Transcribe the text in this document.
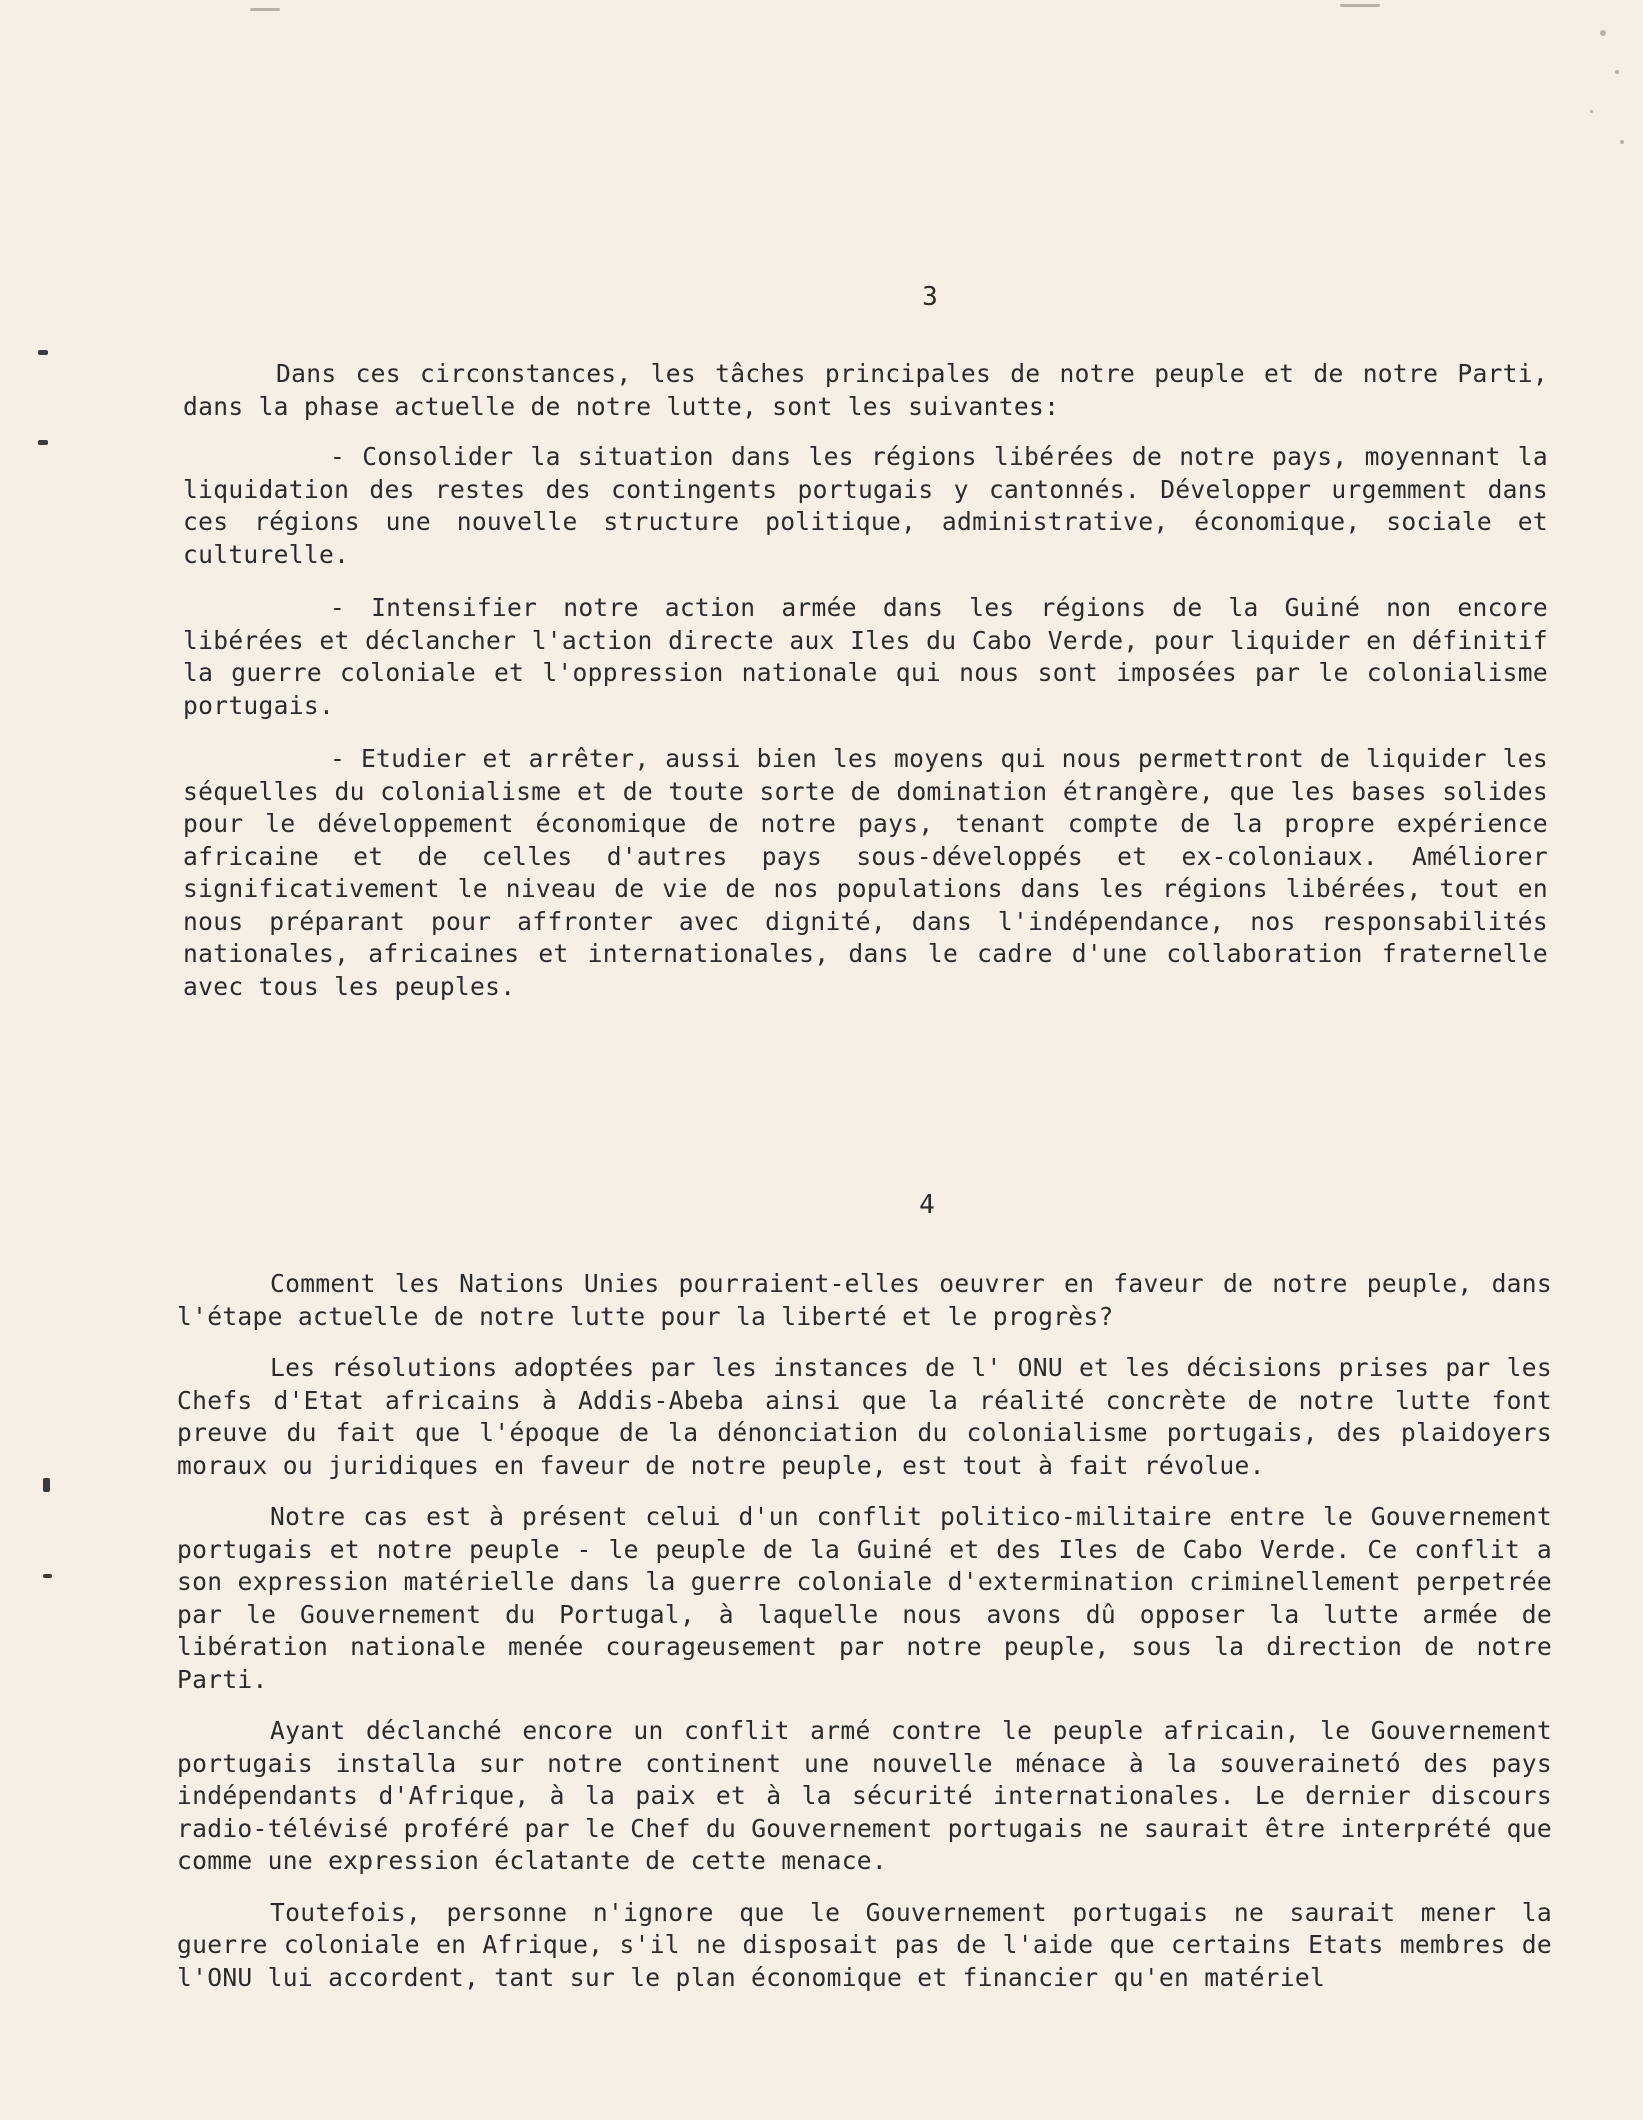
3

Dans ces circonstances, les tâches principales de notre peuple et de notre Parti, dans la phase actuelle de notre lutte, sont les suivantes:

- Consolider la situation dans les régions libérées de notre pays, moyennant la liquidation des restes des contingents portugais y cantonnés. Développer urgemment dans ces régions une nouvelle structure politique, administrative, économique, sociale et culturelle.

- Intensifier notre action armée dans les régions de la Guiné non encore libérées et déclancher l'action directe aux Iles du Cabo Verde, pour liquider en définitif la guerre coloniale et l'oppression nationale qui nous sont imposées par le colonialisme portugais.

- Etudier et arrêter, aussi bien les moyens qui nous permettront de liquider les séquelles du colonialisme et de toute sorte de domination étrangère, que les bases solides pour le développement économique de notre pays, tenant compte de la propre expérience africaine et de celles d'autres pays sous-développés et ex-coloniaux. Améliorer significativement le niveau de vie de nos populations dans les régions libérées, tout en nous préparant pour affronter avec dignité, dans l'indépendance, nos responsabilités nationales, africaines et internationales, dans le cadre d'une collaboration fraternelle avec tous les peuples.

4

Comment les Nations Unies pourraient-elles oeuvrer en faveur de notre peuple, dans l'étape actuelle de notre lutte pour la liberté et le progrès?

Les résolutions adoptées par les instances de l' ONU et les décisions prises par les Chefs d'Etat africains à Addis-Abeba ainsi que la réalité concrète de notre lutte font preuve du fait que l'époque de la dénonciation du colonialisme portugais, des plaidoyers moraux ou juridiques en faveur de notre peuple, est tout à fait révolue.

Notre cas est à présent celui d'un conflit politico-militaire entre le Gouvernement portugais et notre peuple - le peuple de la Guiné et des Iles de Cabo Verde. Ce conflit a son expression matérielle dans la guerre coloniale d'extermination criminellement perpetrée par le Gouvernement du Portugal, à laquelle nous avons dû opposer la lutte armée de libération nationale menée courageusement par notre peuple, sous la direction de notre Parti.

Ayant déclanché encore un conflit armé contre le peuple africain, le Gouvernement portugais installa sur notre continent une nouvelle ménace à la souverainetó des pays indépendants d'Afrique, à la paix et à la sécurité internationales. Le dernier discours radio-télévisé proféré par le Chef du Gouvernement portugais ne saurait être interprété que comme une expression éclatante de cette menace.

Toutefois, personne n'ignore que le Gouvernement portugais ne saurait mener la guerre coloniale en Afrique, s'il ne disposait pas de l'aide que certains Etats membres de l'ONU lui accordent, tant sur le plan économique et financier qu'en matériel
